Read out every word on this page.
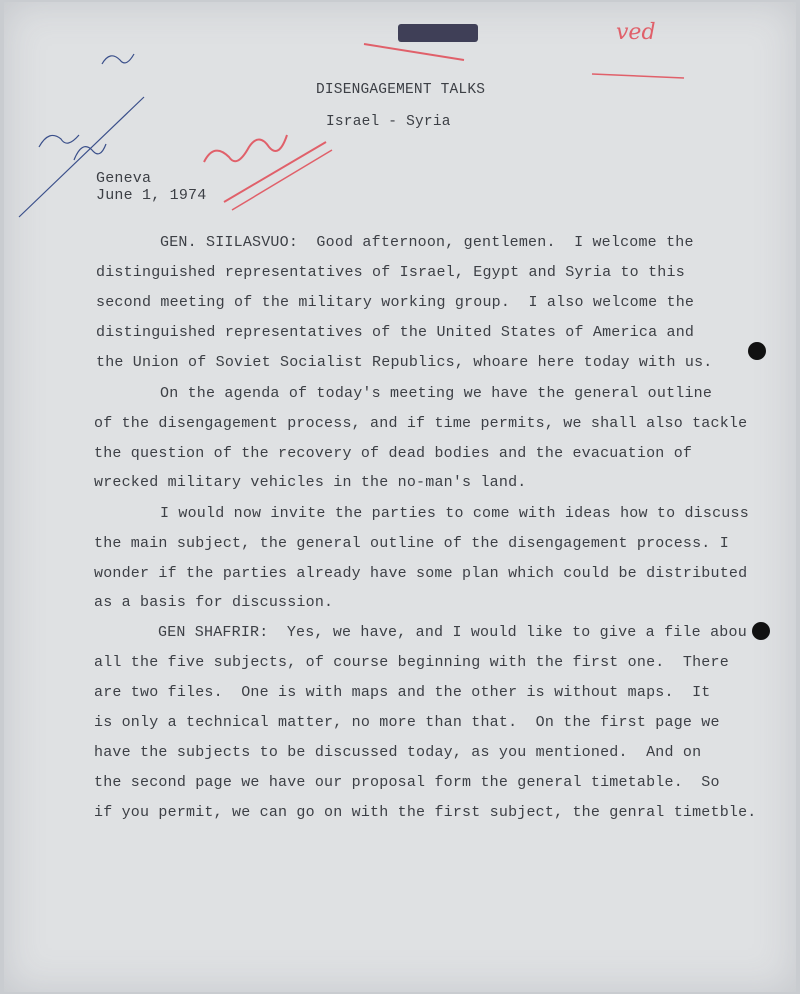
ved
DISENGAGEMENT TALKS
Israel - Syria
Geneva
June 1, 1974
GEN. SIILASVUO:  Good afternoon, gentlemen.  I welcome the
distinguished representatives of Israel, Egypt and Syria to this
second meeting of the military working group.  I also welcome the
distinguished representatives of the United States of America and
the Union of Soviet Socialist Republics, whoare here today with us.
On the agenda of today's meeting we have the general outline
of the disengagement process, and if time permits, we shall also tackle
the question of the recovery of dead bodies and the evacuation of
wrecked military vehicles in the no-man's land.
I would now invite the parties to come with ideas how to discuss
the main subject, the general outline of the disengagement process. I
wonder if the parties already have some plan which could be distributed
as a basis for discussion.
GEN SHAFRIR:  Yes, we have, and I would like to give a file abou
all the five subjects, of course beginning with the first one.  There
are two files.  One is with maps and the other is without maps.  It
is only a technical matter, no more than that.  On the first page we
have the subjects to be discussed today, as you mentioned.  And on
the second page we have our proposal form the general timetable.  So
if you permit, we can go on with the first subject, the genral timetble.
